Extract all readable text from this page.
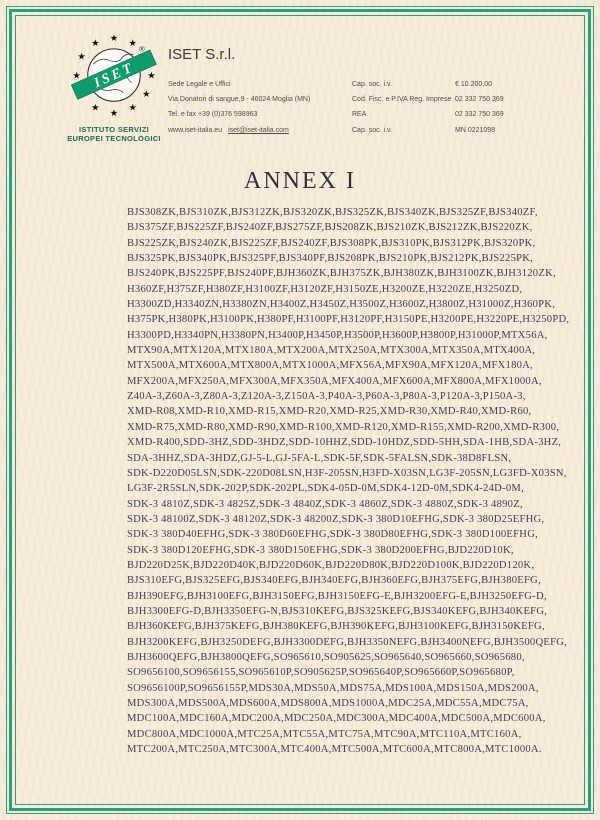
★ ★
★
★
★
★
★
★
★
★
ISET
®
ISTITUTO SERVIZI
EUROPEI TECNOLOGICI
ISET S.r.l.
Sede Legale e Uffici	Cap. soc. i.v.	€ 10.200,00
Via Donatori di sangue,9 - 46024 Moglia (MN)	Cod. Fisc. e P.IVA Reg. Imprese 02 332 750 369
Tel. e fax +39 (0)376 598963	REA	02 332 750 369
www.iset-italia.eu iset@iset-italia.com	Cap. soc. i.v.	MN 0221098
ANNEX I
BJS308ZK,BJS310ZK,BJS312ZK,BJS320ZK,BJS325ZK,BJS340ZK,BJS325ZF,BJS340ZF,
BJS375ZF,BJS225ZF,BJS240ZF,BJS275ZF,BJS208ZK,BJS210ZK,BJS212ZK,BJS220ZK,
BJS225ZK,BJS240ZK,BJS225ZF,BJS240ZF,BJS308PK,BJS310PK,BJS312PK,BJS320PK,
BJS325PK,BJS340PK,BJS325PF,BJS340PF,BJS208PK,BJS210PK,BJS212PK,BJS225PK,
BJS240PK,BJS225PF,BJS240PF,BJH360ZK,BJH375ZK,BJH380ZK,BJH3100ZK,BJH3120ZK,
H360ZF,H375ZF,H380ZF,H3100ZF,H3120ZF,H3150ZE,H3200ZE,H3220ZE,H3250ZD,
H3300ZD,H3340ZN,H3380ZN,H3400Z,H3450Z,H3500Z,H3600Z,H3800Z,H31000Z,H360PK,
H375PK,H380PK,H3100PK,H380PF,H3100PF,H3120PF,H3150PE,H3200PE,H3220PE,H3250PD,
H3300PD,H3340PN,H3380PN,H3400P,H3450P,H3500P,H3600P,H3800P,H31000P,MTX56A,
MTX90A,MTX120A,MTX180A,MTX200A,MTX250A,MTX300A,MTX350A,MTX400A,
MTX500A,MTX600A,MTX800A,MTX1000A,MFX56A,MFX90A,MFX120A,MFX180A,
MFX200A,MFX250A,MFX300A,MFX350A,MFX400A,MFX600A,MFX800A,MFX1000A,
Z40A-3,Z60A-3,Z80A-3,Z120A-3,Z150A-3,P40A-3,P60A-3,P80A-3,P120A-3,P150A-3,
XMD-R08,XMD-R10,XMD-R15,XMD-R20,XMD-R25,XMD-R30,XMD-R40,XMD-R60,
XMD-R75,XMD-R80,XMD-R90,XMD-R100,XMD-R120,XMD-R155,XMD-R200,XMD-R300,
XMD-R400,SDD-3HZ,SDD-3HDZ,SDD-10HHZ,SDD-10HDZ,SDD-5HH,SDA-1HB,SDA-3HZ,
SDA-3HHZ,SDA-3HDZ,GJ-5-L,GJ-5FA-L,SDK-5F,SDK-5FALSN,SDK-38D8FLSN,
SDK-D220D05LSN,SDK-220D08LSN,H3F-205SN,H3FD-X03SN,LG3F-205SN,LG3FD-X03SN,
LG3F-2R5SLN,SDK-202P,SDK-202PL,SDK4-05D-0M,SDK4-12D-0M,SDK4-24D-0M,
SDK-3 4810Z,SDK-3 4825Z,SDK-3 4840Z,SDK-3 4860Z,SDK-3 4880Z,SDK-3 4890Z,
SDK-3 48100Z,SDK-3 48120Z,SDK-3 48200Z,SDK-3 380D10EFHG,SDK-3 380D25EFHG,
SDK-3 380D40EFHG,SDK-3 380D60EFHG,SDK-3 380D80EFHG,SDK-3 380D100EFHG,
SDK-3 380D120EFHG,SDK-3 380D150EFHG,SDK-3 380D200EFHG,BJD220D10K,
BJD220D25K,BJD220D40K,BJD220D60K,BJD220D80K,BJD220D100K,BJD220D120K,
BJS310EFG,BJS325EFG,BJS340EFG,BJH340EFG,BJH360EFG,BJH375EFG,BJH380EFG,
BJH390EFG,BJH3100EFG,BJH3150EFG,BJH3150EFG-E,BJH3200EFG-E,BJH3250EFG-D,
BJH3300EFG-D,BJH3350EFG-N,BJS310KEFG,BJS325KEFG,BJS340KEFG,BJH340KEFG,
BJH360KEFG,BJH375KEFG,BJH380KEFG,BJH390KEFG,BJH3100KEFG,BJH3150KEFG,
BJH3200KEFG,BJH3250DEFG,BJH3300DEFG,BJH3350NEFG,BJH3400NEFG,BJH3500QEFG,
BJH3600QEFG,BJH3800QEFG,SO965610,SO905625,SO965640,SO965660,SO965680,
SO9656100,SO9656155,SO965610P,SO905625P,SO965640P,SO965660P,SO965680P,
SO9656100P,SO9656155P,MDS30A,MDS50A,MDS75A,MDS100A,MDS150A,MDS200A,
MDS300A,MDS500A,MDS600A,MDS800A,MDS1000A,MDC25A,MDC55A,MDC75A,
MDC100A,MDC160A,MDC200A,MDC250A,MDC300A,MDC400A,MDC500A,MDC600A,
MDC800A,MDC1000A,MTC25A,MTC55A,MTC75A,MTC90A,MTC110A,MTC160A,
MTC200A,MTC250A,MTC300A,MTC400A,MTC500A,MTC600A,MTC800A,MTC1000A.
